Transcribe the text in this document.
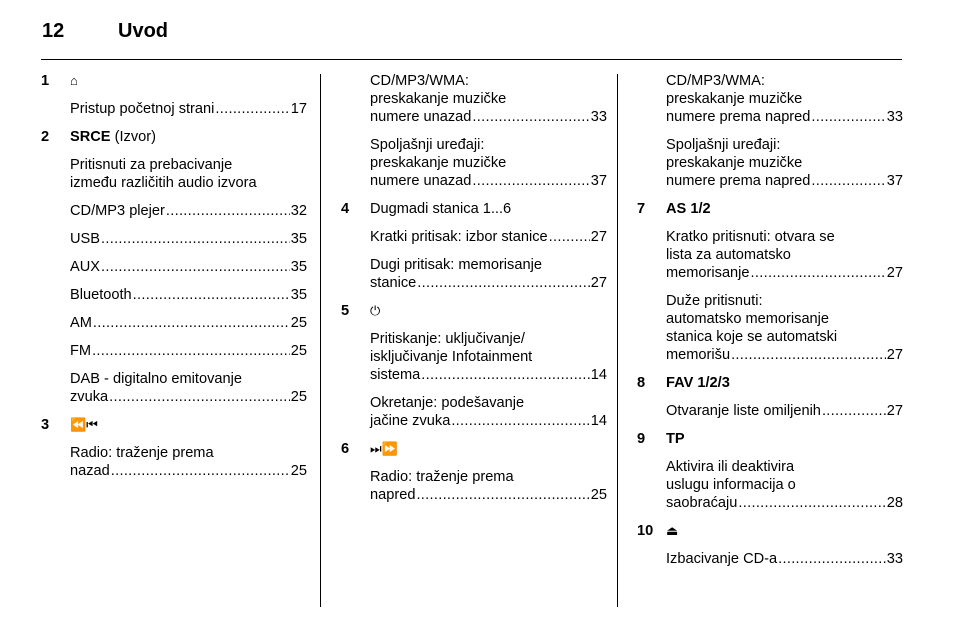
12	Uvod
1 ⌂
Pristup početnoj strani .....	17
2 SRCE (Izvor)
Pritisnuti za prebacivanje
između različitih audio izvora
CD/MP3 plejer .....	32
USB .....	35
AUX .....	35
Bluetooth .....	35
AM .....	25
FM .....	25
DAB - digitalno emitovanje
zvuka .....	25
3 ⏪⏮
Radio: traženje prema
nazad .....	25
CD/MP3/WMA:
preskakanje muzičke
numere unazad .....	33
Spoljašnji uređaji:
preskakanje muzičke
numere unazad .....	37
4 Dugmadi stanica 1...6
Kratki pritisak: izbor stanice .....	27
Dugi pritisak: memorisanje
stanice .....	27
5 ⏻
Pritiskanje: uključivanje/
isključivanje Infotainment
sistema .....	14
Okretanje: podešavanje
jačine zvuka .....	14
6 ⏭⏩
Radio: traženje prema
napred .....	25
CD/MP3/WMA:
preskakanje muzičke
numere prema napred .....	33
Spoljašnji uređaji:
preskakanje muzičke
numere prema napred .....	37
7 AS 1/2
Kratko pritisnuti: otvara se
lista za automatsko
memorisanje .....	27
Duže pritisnuti:
automatsko memorisanje
stanica koje se automatski
memorišu .....	27
8 FAV 1/2/3
Otvaranje liste omiljenih .....	27
9 TP
Aktivira ili deaktivira
uslugu informacija o
saobraćaju .....	28
10 ⏏
Izbacivanje CD-a .....	33
